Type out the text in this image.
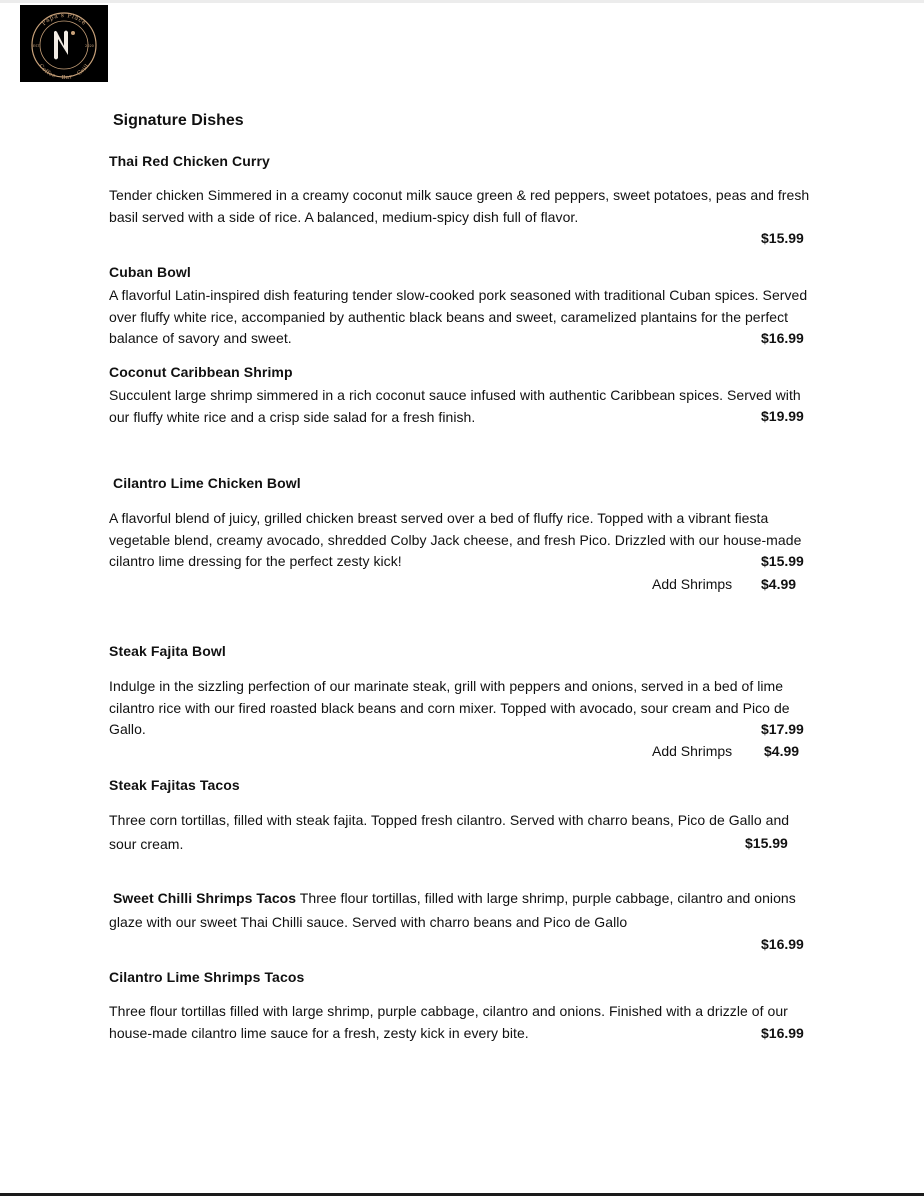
Papa's Place
Coffee · Bar · Grill
EST.	2020
Signature Dishes
Thai Red Chicken Curry
Tender chicken Simmered in a creamy coconut milk sauce green & red peppers, sweet potatoes, peas and fresh basil served with a side of rice. A balanced, medium-spicy dish full of flavor.
$15.99
Cuban Bowl
A flavorful Latin-inspired dish featuring tender slow-cooked pork seasoned with traditional Cuban spices. Served over fluffy white rice, accompanied by authentic black beans and sweet, caramelized plantains for the perfect balance of savory and sweet.	$16.99
Coconut Caribbean Shrimp
Succulent large shrimp simmered in a rich coconut sauce infused with authentic Caribbean spices. Served with our fluffy white rice and a crisp side salad for a fresh finish.	$19.99
Cilantro Lime Chicken Bowl
A flavorful blend of juicy, grilled chicken breast served over a bed of fluffy rice. Topped with a vibrant fiesta vegetable blend, creamy avocado, shredded Colby Jack cheese, and fresh Pico. Drizzled with our house-made cilantro lime dressing for the perfect zesty kick!	$15.99
Add Shrimps $4.99
Steak Fajita Bowl
Indulge in the sizzling perfection of our marinate steak, grill with peppers and onions, served in a bed of lime cilantro rice with our fired roasted black beans and corn mixer. Topped with avocado, sour cream and Pico de Gallo.	$17.99
Add Shrimps $4.99
Steak Fajitas Tacos
Three corn tortillas, filled with steak fajita. Topped fresh cilantro. Served with charro beans, Pico de Gallo and sour cream.	$15.99
Sweet Chilli Shrimps Tacos Three flour tortillas, filled with large shrimp, purple cabbage, cilantro and onions glaze with our sweet Thai Chilli sauce. Served with charro beans and Pico de Gallo
$16.99
Cilantro Lime Shrimps Tacos
Three flour tortillas filled with large shrimp, purple cabbage, cilantro and onions. Finished with a drizzle of our house-made cilantro lime sauce for a fresh, zesty kick in every bite.	$16.99
